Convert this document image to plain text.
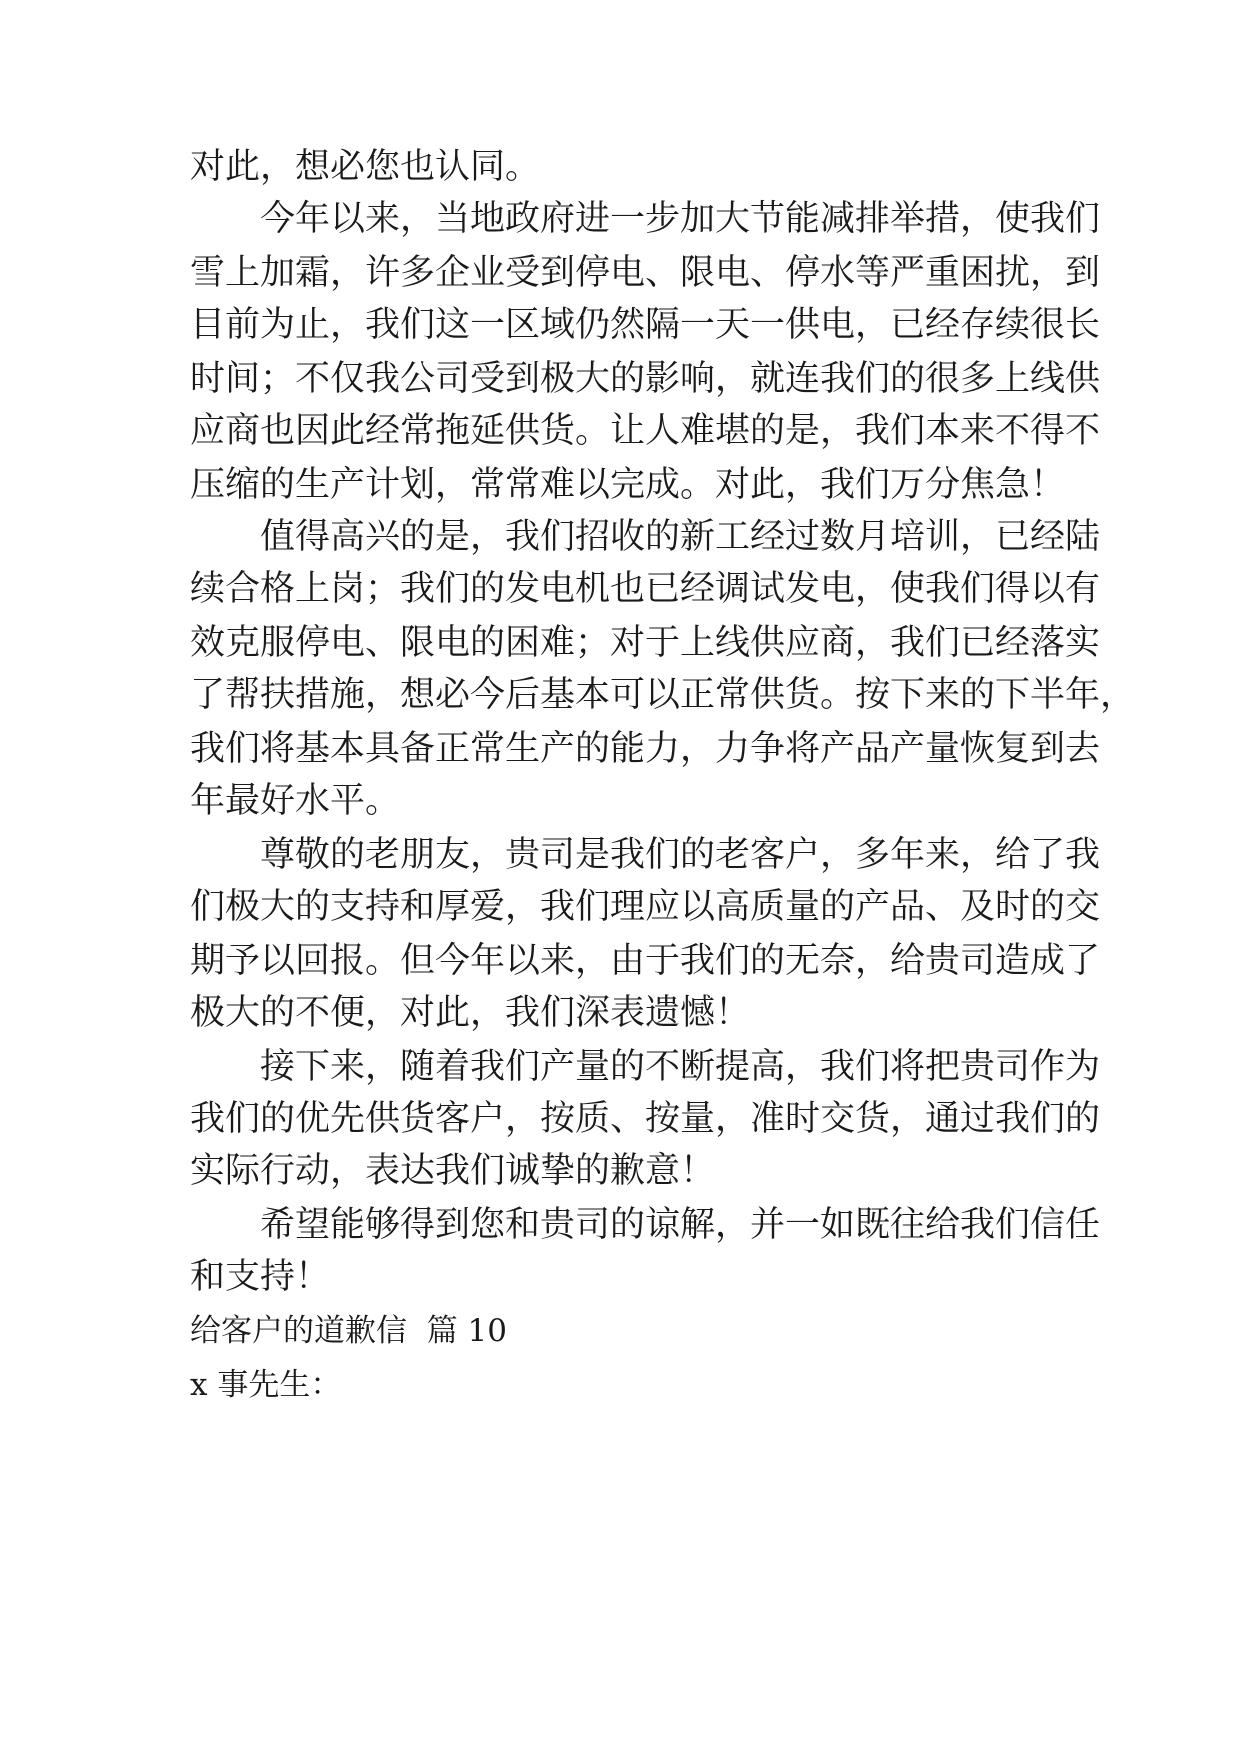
对此，想必您也认同。
今年以来，当地政府进一步加大节能减排举措，使我们
雪上加霜，许多企业受到停电、限电、停水等严重困扰，到
目前为止，我们这一区域仍然隔一天一供电，已经存续很长
时间；不仅我公司受到极大的影响，就连我们的很多上线供
应商也因此经常拖延供货。让人难堪的是，我们本来不得不
压缩的生产计划，常常难以完成。对此，我们万分焦急！
值得高兴的是，我们招收的新工经过数月培训，已经陆
续合格上岗；我们的发电机也已经调试发电，使我们得以有
效克服停电、限电的困难；对于上线供应商，我们已经落实
了帮扶措施，想必今后基本可以正常供货。按下来的下半年，
我们将基本具备正常生产的能力，力争将产品产量恢复到去
年最好水平。
尊敬的老朋友，贵司是我们的老客户，多年来，给了我
们极大的支持和厚爱，我们理应以高质量的产品、及时的交
期予以回报。但今年以来，由于我们的无奈，给贵司造成了
极大的不便，对此，我们深表遗憾！
接下来，随着我们产量的不断提高，我们将把贵司作为
我们的优先供货客户，按质、按量，准时交货，通过我们的
实际行动，表达我们诚挚的歉意！
希望能够得到您和贵司的谅解，并一如既往给我们信任
和支持！
给客户的道歉信  篇 10
x 事先生：
